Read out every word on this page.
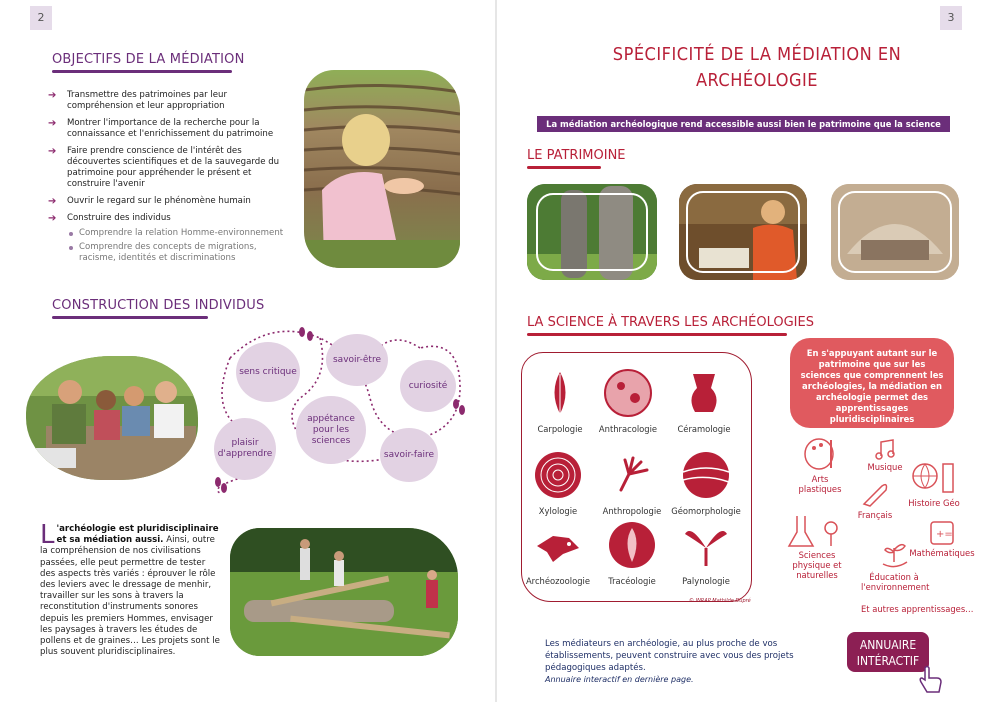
2
OBJECTIFS DE LA MÉDIATION
➔ Transmettre des patrimoines par leur compréhension et leur appropriation
➔ Montrer l'importance de la recherche pour la connaissance et l'enrichissement du patrimoine
➔ Faire prendre conscience de l'intérêt des découvertes scientifiques et de la sauvegarde du patrimoine pour appréhender le présent et construire l'avenir
➔ Ouvrir le regard sur le phénomène humain
➔ Construire des individus
Comprendre la relation Homme-environnement
Comprendre des concepts de migrations, racisme, identités et discriminations
CONSTRUCTION DES INDIVIDUS
sens critique
savoir-être
curiosité
appétance pour les sciences
plaisir d'apprendre	savoir-faire
L 'archéologie est pluridisciplinaire et sa médiation aussi. Ainsi, outre la compréhension de nos civilisations passées, elle peut permettre de tester des aspects très variés : éprouver le rôle des leviers avec le dressage de menhir, travailler sur les sons à travers la reconstitution d'instruments sonores depuis les premiers Hommes, envisager les paysages à travers les études de pollens et de graines… Les projets sont le plus souvent pluridisciplinaires.
3
SPÉCIFICITÉ DE LA MÉDIATION EN
ARCHÉOLOGIE
La médiation archéologique rend accessible aussi bien le patrimoine que la science archéologique.
LE PATRIMOINE
LA SCIENCE À TRAVERS LES ARCHÉOLOGIES
Carpologie	Anthracologie	Céramologie
Xylologie	Anthropologie	Géomorphologie
Archéozoologie	Tracéologie	Palynologie
© INRAP Mathilde Dupré
En s'appuyant autant sur le patrimoine que sur les sciences que comprennent les archéologies, la médiation en archéologie permet des apprentissages pluridisciplinaires
Arts plastiques
Musique
Français
Histoire Géo
Sciences physique et naturelles	Éducation à l'environnement
+=
Mathématiques
Et autres apprentissages…
Les médiateurs en archéologie, au plus proche de vos établissements, peuvent construire avec vous des projets pédagogiques adaptés.
Annuaire interactif en dernière page.
ANNUAIRE INTÉRACTIF
